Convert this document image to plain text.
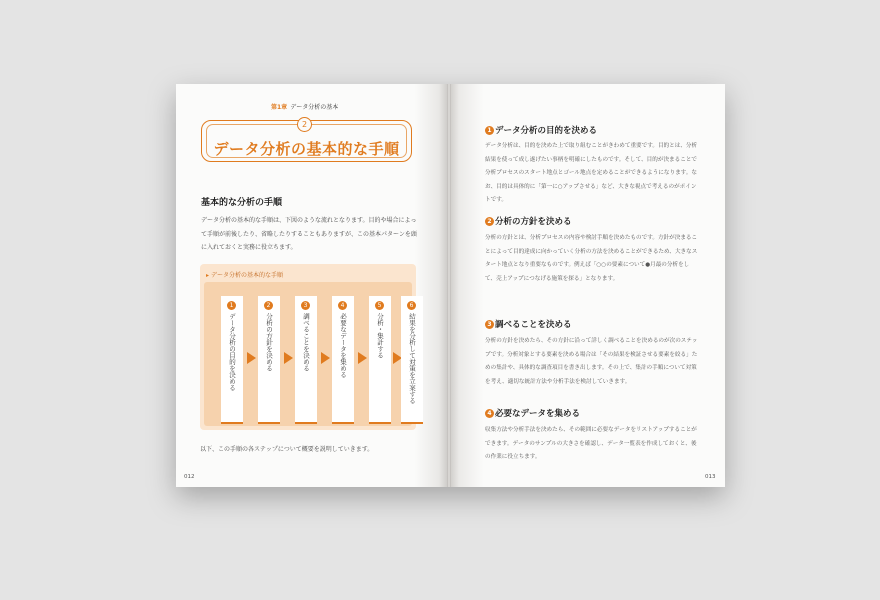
第1章 データ分析の基本
2
データ分析の基本的な手順
基本的な分析の手順
データ分析の基本的な手順は、下図のような流れとなります。目的や場合によって手順が前後したり、省略したりすることもありますが、この基本パターンを頭に入れておくと実務に役立ちます。
▸ データ分析の基本的な手順
1
データ分析の目的を決める
2
分析の方針を決める
3
調べることを決める
4
必要なデータを集める
5
分析・集計する
6
結果を分析して対策を立案する
以下、この手順の各ステップについて概要を説明していきます。
012
1 データ分析の目的を決める
データ分析は、目的を決めた上で取り組むことがきわめて重要です。目的とは、分析結果を使って成し遂げたい事柄を明確にしたものです。そして、目的が決まることで分析プロセスのスタート地点とゴール地点を定めることができるようになります。なお、目的は具体的に「第一に○アップさせる」など、大きな視点で考えるのがポイントです。
2 分析の方針を決める
分析の方針とは、分析プロセスの内容や検討手順を決めたものです。方針が決まることによって目的達成に向かっていく分析の方法を決めることができるため、大きなスタート地点となり重要なものです。例えば「○○の要素について●月最の分析をして、売上アップにつなげる施策を探る」となります。
3 調べることを決める
分析の方針を決めたら、その方針に沿って詳しく調べることを決めるのが次のステップです。分析対象とする要素を決める場合は「その結果を検証させる要素を絞る」ための集計や、具体的な調査項目を書き出します。その上で、集計の手順について対策を考え、適切な統計方法や分析手法を検討していきます。
4 必要なデータを集める
収集方法や分析手法を決めたら、その範囲に必要なデータをリストアップすることができます。データのサンプルの大きさを確認し、データ一覧表を作成しておくと、後の作業に役立ちます。
013
